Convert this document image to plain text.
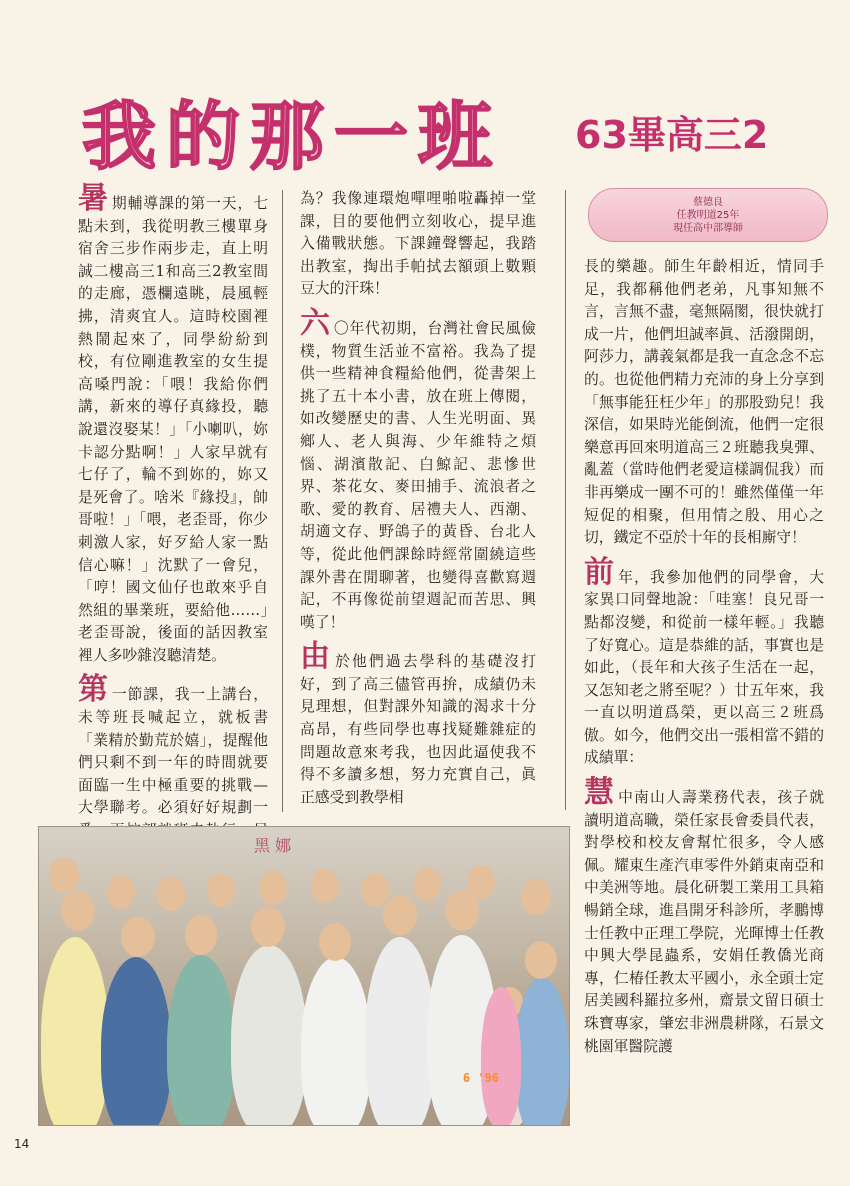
我的那一班 63畢高三2

暑期輔導課的第一天，七點未到，我從明教三樓單身宿舍三步作兩步走，直上明誠二樓高三1和高三2教室間的走廊，憑欄遠眺，晨風輕拂，清爽宜人。這時校園裡熱鬧起來了，同學紛紛到校，有位剛進教室的女生提高嗓門說：「喂！我給你們講，新來的導仔真緣投，聽說還沒娶某！」「小喇叭，妳卡認分點啊！」人家早就有七仔了，輪不到妳的，妳又是死會了。啥米『緣投』，帥哥啦！」「喂，老歪哥，你少刺激人家，好歹給人家一點信心嘛！」沈默了一會兒，「哼！國文仙仔也敢來乎自然組的畢業班，要給他……」老歪哥說，後面的話因教室裡人多吵雜沒聽清楚。

第一節課，我一上講台，未等班長喊起立，就板書「業精於勤荒於嬉」，提醒他們只剩不到一年的時間就要面臨一生中極重要的挑戰—大學聯考。必須好好規劃一

為？我像連環炮嘽哩啪啦轟掉一堂課，目的要他們立刻收心，提早進入備戰狀態。下課鐘聲響起，我踏出教室，掏出手帕拭去額頭上數顆豆大的汗珠！

六 〇年代初期，台灣社會民風儉樸，物質生活並不富裕。我為了提供一些精神食糧給他們，從書架上挑了五十本小書，放在班上傳閱，如改變歷史的書、人生光明面、異鄉人、老人與海、少年維特之煩惱、湖濱散記、白鯨記、悲慘世界、茶花女、麥田捕手、流浪者之歌、愛的教育、居禮夫人、西潮、胡適文存、野鴿子的黃昏、台北人等，從此他們課餘時經常圍繞這些課外書在閒聊著，也變得喜歡寫週記，不再像從前望週記而苦思、興嘆了！

由於他們過去學科的基礎沒打好，到了高三儘管再拚，成績仍未見理想，但對課外知識的渴求十分高昂，有些同學也專找疑難雜症的問題故意來考我，也因此逼使我不得不多讀多想，努力充實自己，眞正感受到教學相

蔡德良
任教明道25年
現任高中部導師

長的樂趣。師生年齡相近，情同手足，我都稱他們老弟，凡事知無不言，言無不盡，毫無隔閡，很快就打成一片，他們坦誠率眞、活潑開朗，阿莎力，講義氣都是我一直念念不忘的。也從他們精力充沛的身上分享到「無事能狂枉少年」的那股勁兒！我深信，如果時光能倒流，他們一定很樂意再回來明道高三２班聽我臭彈、亂蓋（當時他們老愛這樣調侃我）而非再樂成一團不可的！雖然僅僅一年短促的相聚，但用情之殷、用心之切，鐵定不亞於十年的長相廝守！

前年，我參加他們的同學會，大家異口同聲地說：「哇塞！良兄哥一點都沒變，和從前一樣年輕。」我聽了好寬心。這是恭維的話，事實也是如此，（長年和大孩子生活在一起，又怎知老之將至呢？）廿五年來，我一直以明道爲榮，更以高三２班爲傲。如今，他們交出一張相當不錯的成績單：

慧中南山人壽業務代表，孩子就讀明道高職，榮任家長會委員代表，對學校和校友會幫忙很多，令人感佩。耀東生產汽車零件外銷東南亞和中美洲等地。晨化研製工業用工具箱暢銷全球，進昌開牙科診所，孝鵬博士任教中正理工學院，光暉博士任教中興大學昆蟲系，安娟任教僑光商專，仁椿任教太平國小，永全頭士定居美國科羅拉多州，齋景文留日碩士珠寶專家，肇宏非洲農耕隊，石景文桃園軍醫院護

黑 娜
6 '96
14
